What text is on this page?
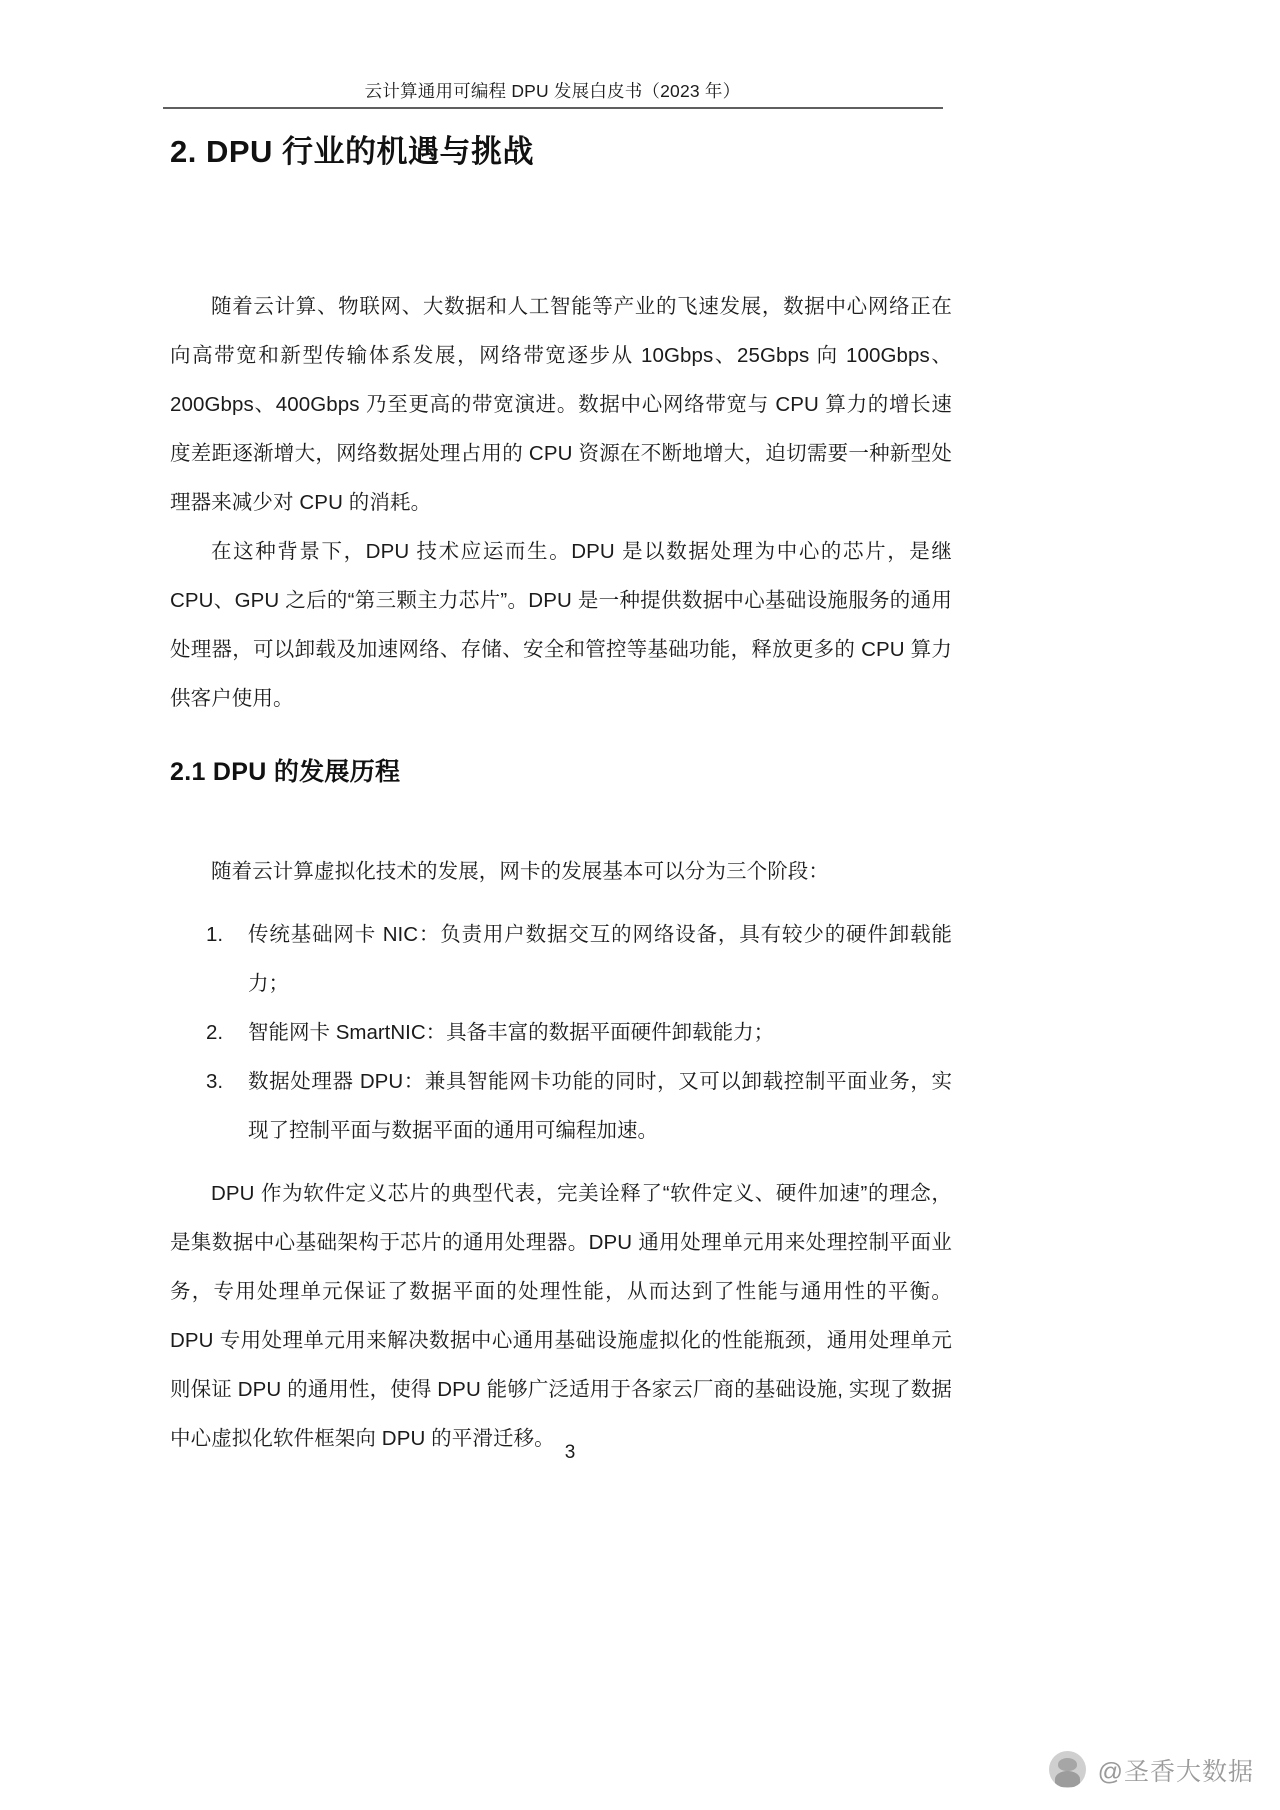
云计算通用可编程 DPU 发展白皮书（2023 年）
2. DPU 行业的机遇与挑战

随着云计算、物联网、大数据和人工智能等产业的飞速发展，数据中心网络正在向高带宽和新型传输体系发展，网络带宽逐步从 10Gbps、25Gbps 向 100Gbps、200Gbps、400Gbps 乃至更高的带宽演进。数据中心网络带宽与 CPU 算力的增长速度差距逐渐增大，网络数据处理占用的 CPU 资源在不断地增大，迫切需要一种新型处理器来减少对 CPU 的消耗。

在这种背景下，DPU 技术应运而生。DPU 是以数据处理为中心的芯片，是继 CPU、GPU 之后的“第三颗主力芯片”。DPU 是一种提供数据中心基础设施服务的通用处理器，可以卸载及加速网络、存储、安全和管控等基础功能，释放更多的 CPU 算力供客户使用。

2.1 DPU 的发展历程

随着云计算虚拟化技术的发展，网卡的发展基本可以分为三个阶段：

1.	传统基础网卡 NIC：负责用户数据交互的网络设备，具有较少的硬件卸载能力；
2.	智能网卡 SmartNIC：具备丰富的数据平面硬件卸载能力；
3.	数据处理器 DPU：兼具智能网卡功能的同时，又可以卸载控制平面业务，实现了控制平面与数据平面的通用可编程加速。

DPU 作为软件定义芯片的典型代表，完美诠释了“软件定义、硬件加速”的理念，是集数据中心基础架构于芯片的通用处理器。DPU 通用处理单元用来处理控制平面业务，专用处理单元保证了数据平面的处理性能，从而达到了性能与通用性的平衡。DPU 专用处理单元用来解决数据中心通用基础设施虚拟化的性能瓶颈，通用处理单元则保证 DPU 的通用性，使得 DPU 能够广泛适用于各家云厂商的基础设施, 实现了数据中心虚拟化软件框架向 DPU 的平滑迁移。

3
@圣香大数据
